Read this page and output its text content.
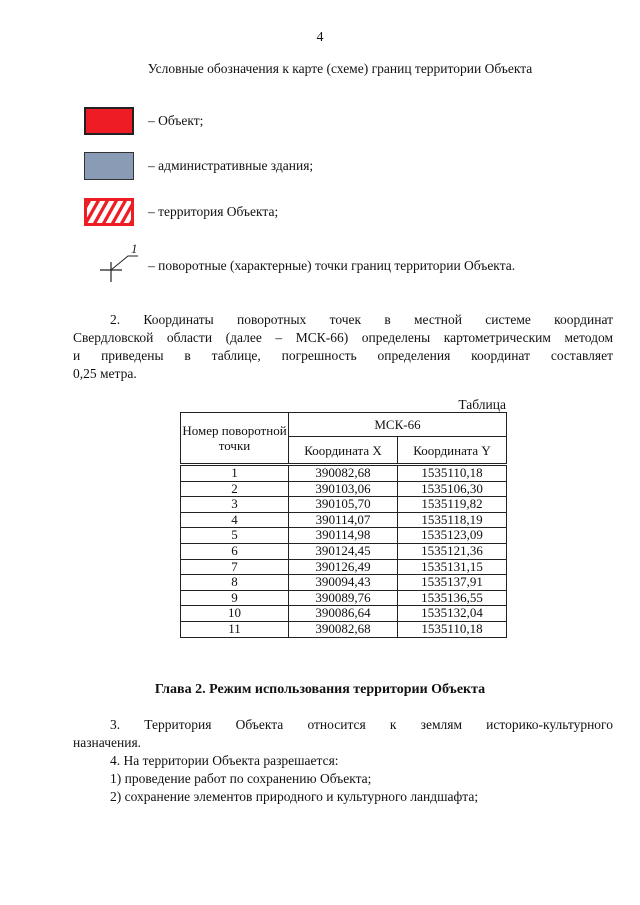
4
Условные обозначения к карте (схеме) границ территории Объекта
– Объект;
– административные здания;
– территория Объекта;
1
– поворотные (характерные) точки границ территории Объекта.
2. Координаты поворотных точек в местной системе координат
Свердловской области (далее – МСК-66) определены картометрическим методом
и приведены в таблице, погрешность определения координат составляет
0,25 метра.
Таблица
Номер поворотной точки	МСК-66	
	Координата X	Координата Y
1	390082,68	1535110,18
2	390103,06	1535106,30
3	390105,70	1535119,82
4	390114,07	1535118,19
5	390114,98	1535123,09
6	390124,45	1535121,36
7	390126,49	1535131,15
8	390094,43	1535137,91
9	390089,76	1535136,55
10	390086,64	1535132,04
11	390082,68	1535110,18
Глава 2. Режим использования территории Объекта
3. Территория Объекта относится к землям историко-культурного
назначения.
4. На территории Объекта разрешается:
1) проведение работ по сохранению Объекта;
2) сохранение элементов природного и культурного ландшафта;
